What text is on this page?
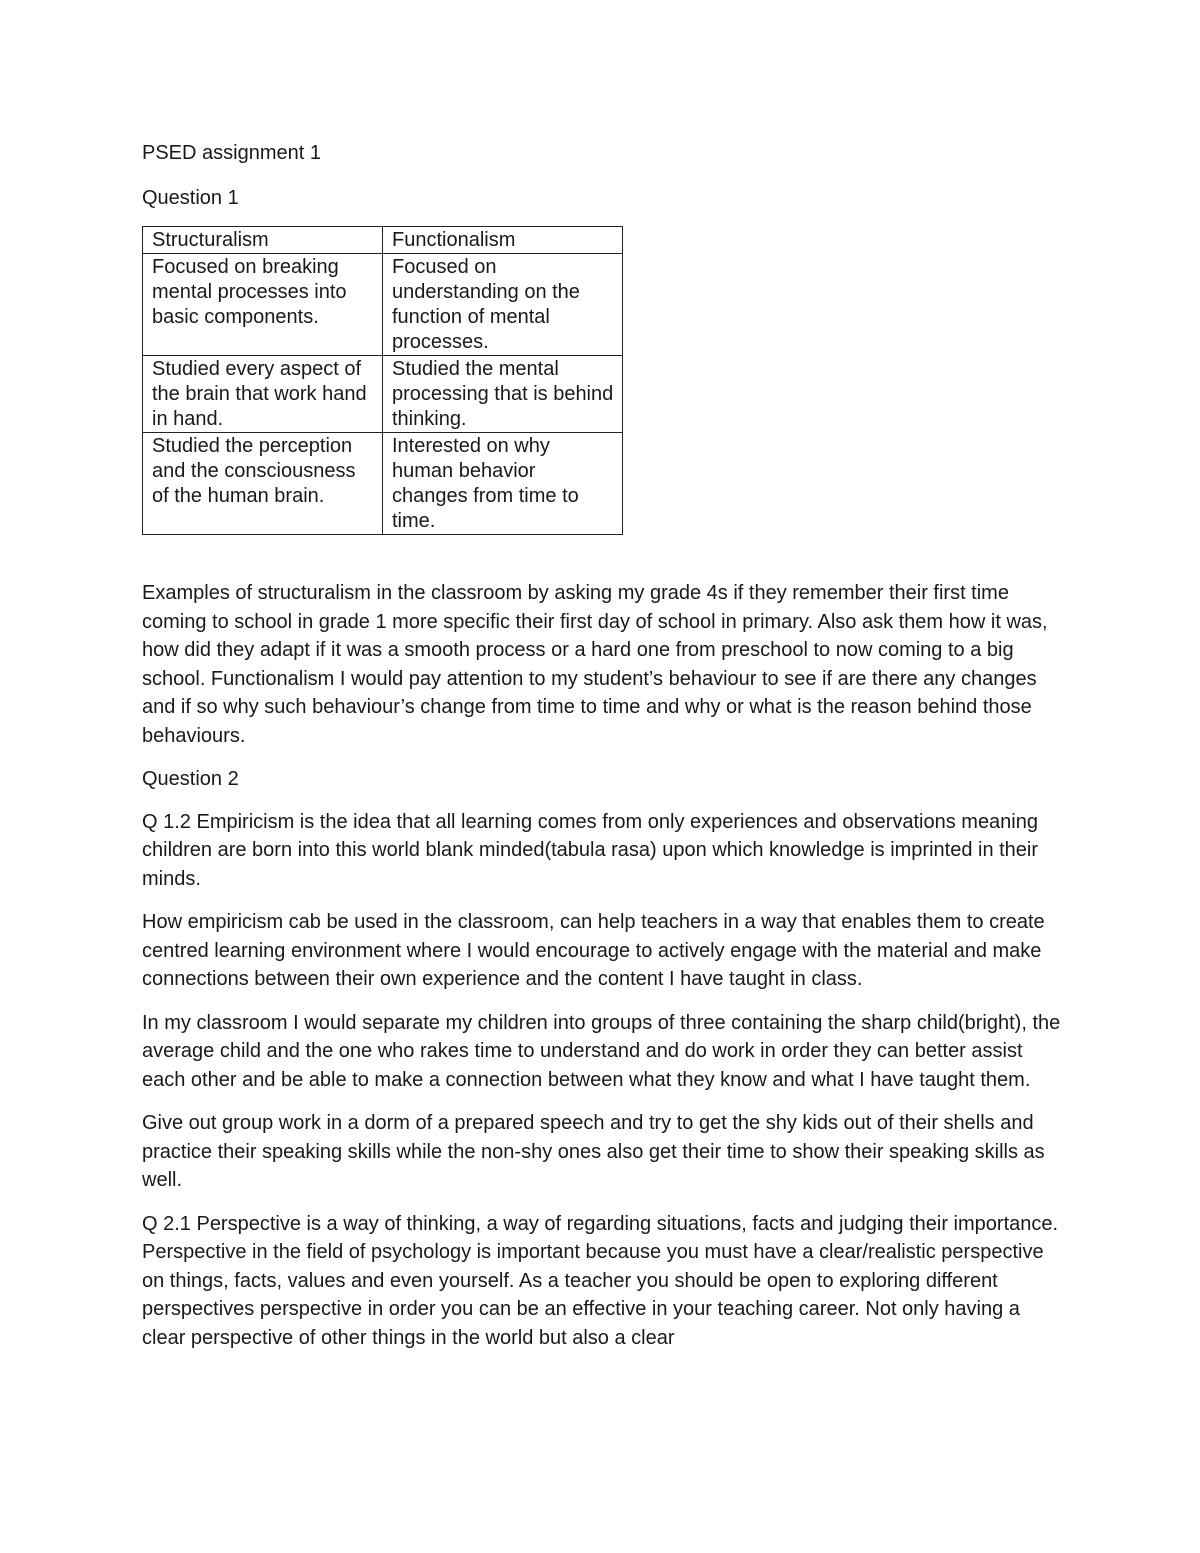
PSED assignment 1

Question 1

Structuralism	Functionalism
Focused on breaking mental processes into basic components.	Focused on understanding on the function of mental processes.
Studied every aspect of the brain that work hand in hand.	Studied the mental processing that is behind thinking.
Studied the perception and the consciousness of the human brain.	Interested on why human behavior changes from time to time.

Examples of structuralism in the classroom by asking my grade 4s if they remember their first time coming to school in grade 1 more specific their first day of school in primary. Also ask them how it was, how did they adapt if it was a smooth process or a hard one from preschool to now coming to a big school. Functionalism I would pay attention to my student’s behaviour to see if are there any changes and if so why such behaviour’s change from time to time and why or what is the reason behind those behaviours.

Question 2

Q 1.2 Empiricism is the idea that all learning comes from only experiences and observations meaning children are born into this world blank minded(tabula rasa) upon which knowledge is imprinted in their minds.

How empiricism cab be used in the classroom, can help teachers in a way that enables them to create centred learning environment where I would encourage to actively engage with the material and make connections between their own experience and the content I have taught in class.

In my classroom I would separate my children into groups of three containing the sharp child(bright), the average child and the one who rakes time to understand and do work in order they can better assist each other and be able to make a connection between what they know and what I have taught them.

Give out group work in a dorm of a prepared speech and try to get the shy kids out of their shells and practice their speaking skills while the non-shy ones also get their time to show their speaking skills as well.

Q 2.1 Perspective is a way of thinking, a way of regarding situations, facts and judging their importance. Perspective in the field of psychology is important because you must have a clear/realistic perspective on things, facts, values and even yourself. As a teacher you should be open to exploring different perspectives perspective in order you can be an effective in your teaching career. Not only having a clear perspective of other things in the world but also a clear
